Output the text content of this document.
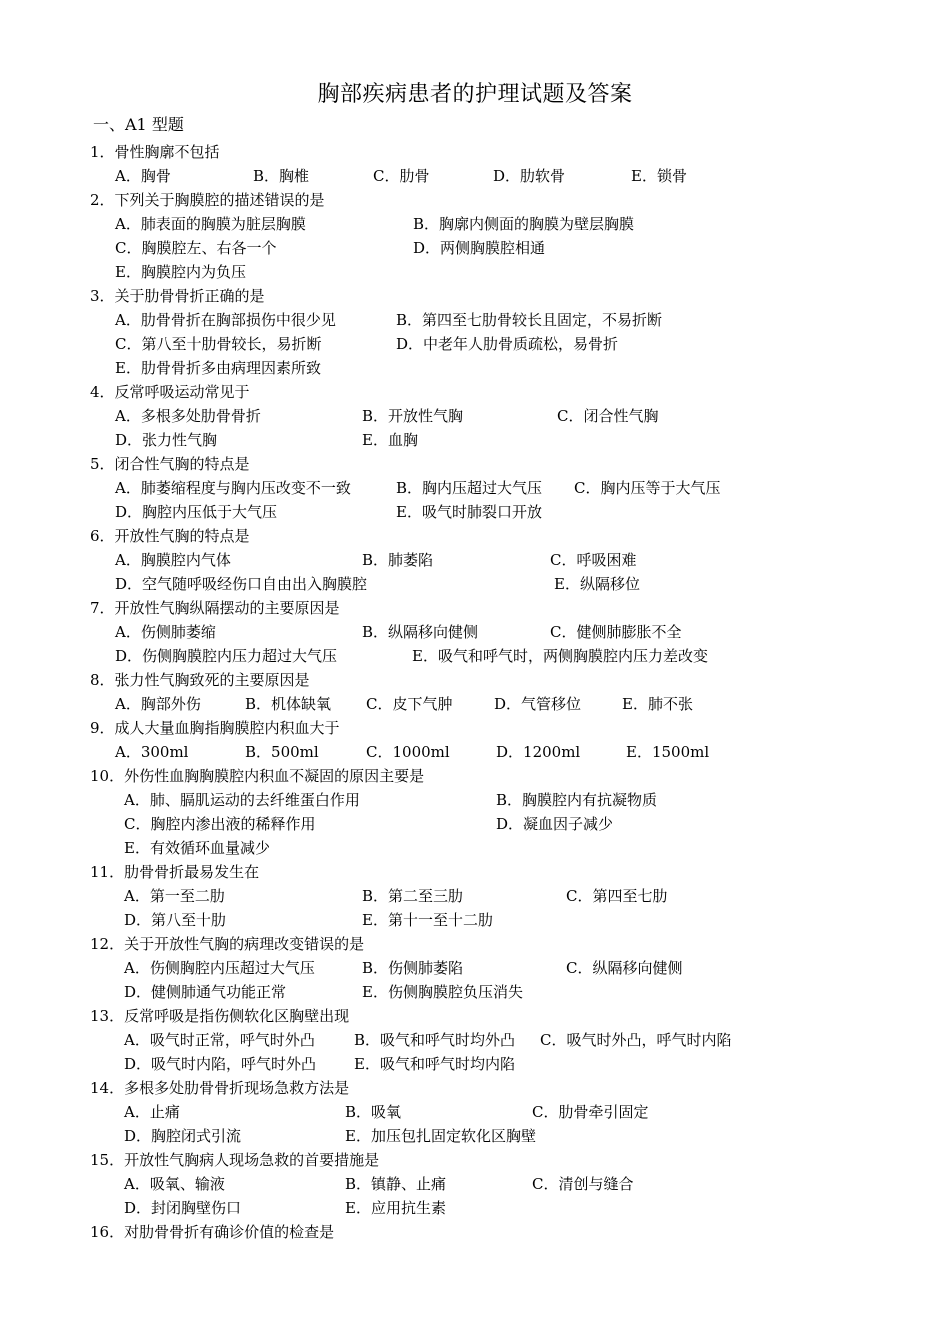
胸部疾病患者的护理试题及答案
一、A1 型题
1．骨性胸廓不包括
A．胸骨	B．胸椎	C．肋骨	D．肋软骨	E．锁骨
2．下列关于胸膜腔的描述错误的是
A．肺表面的胸膜为脏层胸膜	B．胸廓内侧面的胸膜为壁层胸膜
C．胸膜腔左、右各一个	D．两侧胸膜腔相通
E．胸膜腔内为负压
3．关于肋骨骨折正确的是
A．肋骨骨折在胸部损伤中很少见	B．第四至七肋骨较长且固定，不易折断
C．第八至十肋骨较长，易折断	D．中老年人肋骨质疏松，易骨折
E．肋骨骨折多由病理因素所致
4．反常呼吸运动常见于
A．多根多处肋骨骨折	B．开放性气胸	C．闭合性气胸
D．张力性气胸	E．血胸
5．闭合性气胸的特点是
A．肺萎缩程度与胸内压改变不一致	B．胸内压超过大气压 C．胸内压等于大气压
D．胸腔内压低于大气压	E．吸气时肺裂口开放
6．开放性气胸的特点是
A．胸膜腔内气体	B．肺萎陷	C．呼吸困难
D．空气随呼吸经伤口自由出入胸膜腔	E．纵隔移位
7．开放性气胸纵隔摆动的主要原因是
A．伤侧肺萎缩	B．纵隔移向健侧	C．健侧肺膨胀不全
D．伤侧胸膜腔内压力超过大气压	E．吸气和呼气时，两侧胸膜腔内压力差改变
8．张力性气胸致死的主要原因是
A．胸部外伤	B．机体缺氧 C．皮下气肿	D．气管移位	E．肺不张
9．成人大量血胸指胸膜腔内积血大于
A．300ml	B．500ml	C．1000ml	D．1200ml	E．1500ml
10．外伤性血胸胸膜腔内积血不凝固的原因主要是
A．肺、膈肌运动的去纤维蛋白作用	B．胸膜腔内有抗凝物质
C．胸腔内渗出液的稀释作用	D．凝血因子减少
E．有效循环血量减少
11．肋骨骨折最易发生在
A．第一至二肋	B．第二至三肋	C．第四至七肋
D．第八至十肋	E．第十一至十二肋
12．关于开放性气胸的病理改变错误的是
A．伤侧胸腔内压超过大气压	B．伤侧肺萎陷	C．纵隔移向健侧
D．健侧肺通气功能正常	E．伤侧胸膜腔负压消失
13．反常呼吸是指伤侧软化区胸壁出现
A．吸气时正常，呼气时外凸	B．吸气和呼气时均外凸 C．吸气时外凸，呼气时内陷
D．吸气时内陷，呼气时外凸	E．吸气和呼气时均内陷
14．多根多处肋骨骨折现场急救方法是
A．止痛	B．吸氧	C．肋骨牵引固定
D．胸腔闭式引流	E．加压包扎固定软化区胸壁
15．开放性气胸病人现场急救的首要措施是
A．吸氧、输液	B．镇静、止痛	C．清创与缝合
D．封闭胸壁伤口	E．应用抗生素
16．对肋骨骨折有确诊价值的检查是
